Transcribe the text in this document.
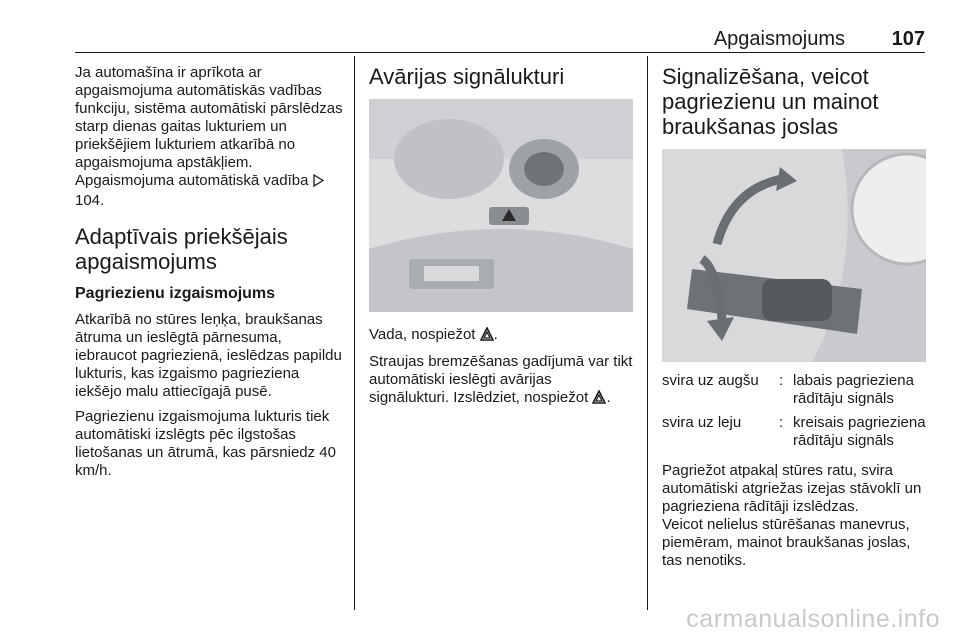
Apgaismojums 107

Ja automašīna ir aprīkota ar apgaismojuma automātiskās vadības funkciju, sistēma automātiski pārslēdzas starp dienas gaitas lukturiem un priekšējiem lukturiem atkarībā no apgaismojuma apstākļiem. Apgaismojuma automātiskā vadība 104.

Adaptīvais priekšējais apgaismojums
Pagriezienu izgaismojums

Atkarībā no stūres leņķa, braukšanas ātruma un ieslēgtā pārnesuma, iebraucot pagriezienā, ieslēdzas papildu lukturis, kas izgaismo pagrieziena iekšējo malu attiecīgajā pusē.

Pagriezienu izgaismojuma lukturis tiek automātiski izslēgts pēc ilgstošas lietošanas un ātrumā, kas pārsniedz 40 km/h.

Avārijas signālukturi

Vada, nospiežot .

Straujas bremzēšanas gadījumā var tikt automātiski ieslēgti avārijas signālukturi. Izslēdziet, nospiežot .

Signalizēšana, veicot pagriezienu un mainot braukšanas joslas
svira uz augšu	: labais pagrieziena rādītāju signāls
svira uz leju	: kreisais pagrieziena rādītāju signāls

Pagriežot atpakaļ stūres ratu, svira automātiski atgriežas izejas stāvoklī un pagrieziena rādītāji izslēdzas.

Veicot nelielus stūrēšanas manevrus, piemēram, mainot braukšanas joslas, tas nenotiks.

carmanualsonline.info
